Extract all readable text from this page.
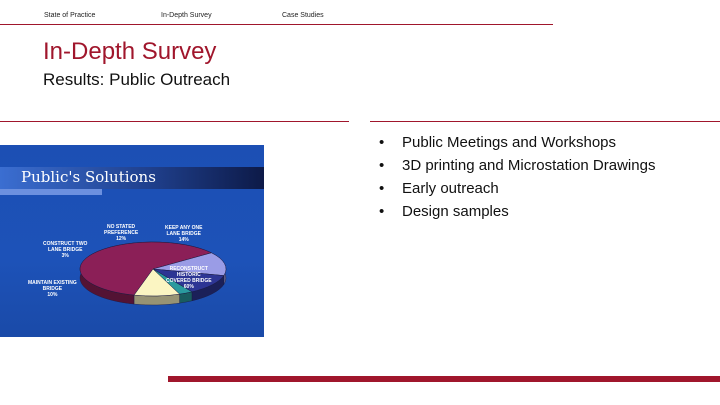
State of Practice	In-Depth Survey	Case Studies
In-Depth Survey
Results: Public Outreach
Public's Solutions
NO STATED
PREFERENCE
12%
KEEP ANY ONE
LANE BRIDGE
14%
CONSTRUCT TWO
LANE BRIDGE
3%
MAINTAIN EXISTING
BRIDGE
10%
RECONSTRUCT
HISTORIC
COVERED BRIDGE
60%
• Public Meetings and Workshops
• 3D printing and Microstation Drawings
• Early outreach
• Design samples
